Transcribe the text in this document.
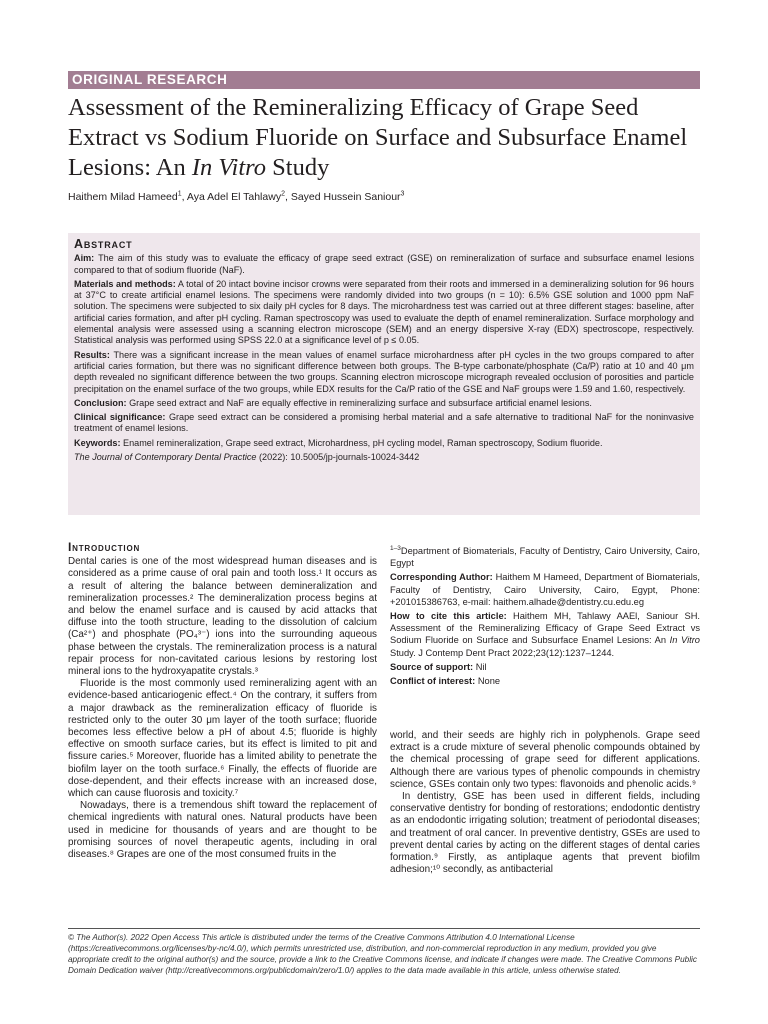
ORIGINAL RESEARCH
Assessment of the Remineralizing Efficacy of Grape Seed Extract vs Sodium Fluoride on Surface and Subsurface Enamel Lesions: An In Vitro Study
Haithem Milad Hameed$^1$, Aya Adel El Tahlawy$^2$, Sayed Hussein Saniour$^3$
Abstract

Aim: The aim of this study was to evaluate the efficacy of grape seed extract (GSE) on remineralization of surface and subsurface enamel lesions compared to that of sodium fluoride (NaF).

Materials and methods: A total of 20 intact bovine incisor crowns were separated from their roots and immersed in a demineralizing solution for 96 hours at 37°C to create artificial enamel lesions. The specimens were randomly divided into two groups (n = 10): 6.5% GSE solution and 1000 ppm NaF solution. The specimens were subjected to six daily pH cycles for 8 days. The microhardness test was carried out at three different stages: baseline, after artificial caries formation, and after pH cycling. Raman spectroscopy was used to evaluate the depth of enamel remineralization. Surface morphology and elemental analysis were assessed using a scanning electron microscope (SEM) and an energy dispersive X-ray (EDX) spectroscope, respectively. Statistical analysis was performed using SPSS 22.0 at a significance level of p ≤ 0.05.

Results: There was a significant increase in the mean values of enamel surface microhardness after pH cycles in the two groups compared to after artificial caries formation, but there was no significant difference between both groups. The B-type carbonate/phosphate (Ca/P) ratio at 10 and 40 μm depth revealed no significant difference between the two groups. Scanning electron microscope micrograph revealed occlusion of porosities and particle precipitation on the enamel surface of the two groups, while EDX results for the Ca/P ratio of the GSE and NaF groups were 1.59 and 1.60, respectively.

Conclusion: Grape seed extract and NaF are equally effective in remineralizing surface and subsurface artificial enamel lesions.

Clinical significance: Grape seed extract can be considered a promising herbal material and a safe alternative to traditional NaF for the noninvasive treatment of enamel lesions.

Keywords: Enamel remineralization, Grape seed extract, Microhardness, pH cycling model, Raman spectroscopy, Sodium fluoride.

The Journal of Contemporary Dental Practice (2022): 10.5005/jp-journals-10024-3442

Introduction

Dental caries is one of the most widespread human diseases and is considered as a prime cause of oral pain and tooth loss.¹ It occurs as a result of altering the balance between demineralization and remineralization processes.² The demineralization process begins at and below the enamel surface and is caused by acid attacks that diffuse into the tooth structure, leading to the dissolution of calcium (Ca²⁺) and phosphate (PO₄³⁻) ions into the surrounding aqueous phase between the crystals. The remineralization process is a natural repair process for non-cavitated carious lesions by restoring lost mineral ions to the hydroxyapatite crystals.³

Fluoride is the most commonly used remineralizing agent with an evidence-based anticariogenic effect.⁴ On the contrary, it suffers from a major drawback as the remineralization efficacy of fluoride is restricted only to the outer 30 μm layer of the tooth surface; fluoride becomes less effective below a pH of about 4.5; fluoride is highly effective on smooth surface caries, but its effect is limited to pit and fissure caries.⁵ Moreover, fluoride has a limited ability to penetrate the biofilm layer on the tooth surface.⁶ Finally, the effects of fluoride are dose-dependent, and their effects increase with an increased dose, which can cause fluorosis and toxicity.⁷

Nowadays, there is a tremendous shift toward the replacement of chemical ingredients with natural ones. Natural products have been used in medicine for thousands of years and are thought to be promising sources of novel therapeutic agents, including in oral diseases.⁸ Grapes are one of the most consumed fruits in the

$^{1-3}$Department of Biomaterials, Faculty of Dentistry, Cairo University, Cairo, Egypt

Corresponding Author: Haithem M Hameed, Department of Biomaterials, Faculty of Dentistry, Cairo University, Cairo, Egypt, Phone: +201015386763, e-mail: haithem.alhade@dentistry.cu.edu.eg

How to cite this article: Haithem MH, Tahlawy AAEl, Saniour SH. Assessment of the Remineralizing Efficacy of Grape Seed Extract vs Sodium Fluoride on Surface and Subsurface Enamel Lesions: An In Vitro Study. J Contemp Dent Pract 2022;23(12):1237–1244.

Source of support: Nil

Conflict of interest: None

world, and their seeds are highly rich in polyphenols. Grape seed extract is a crude mixture of several phenolic compounds obtained by the chemical processing of grape seed for different applications. Although there are various types of phenolic compounds in chemistry science, GSEs contain only two types: flavonoids and phenolic acids.⁹

In dentistry, GSE has been used in different fields, including conservative dentistry for bonding of restorations; endodontic dentistry as an endodontic irrigating solution; treatment of periodontal diseases; and treatment of oral cancer. In preventive dentistry, GSEs are used to prevent dental caries by acting on the different stages of dental caries formation.⁹ Firstly, as antiplaque agents that prevent biofilm adhesion;¹⁰ secondly, as antibacterial

© The Author(s). 2022 Open Access This article is distributed under the terms of the Creative Commons Attribution 4.0 International License (https://creativecommons.org/licenses/by-nc/4.0/), which permits unrestricted use, distribution, and non-commercial reproduction in any medium, provided you give appropriate credit to the original author(s) and the source, provide a link to the Creative Commons license, and indicate if changes were made. The Creative Commons Public Domain Dedication waiver (http://creativecommons.org/publicdomain/zero/1.0/) applies to the data made available in this article, unless otherwise stated.
